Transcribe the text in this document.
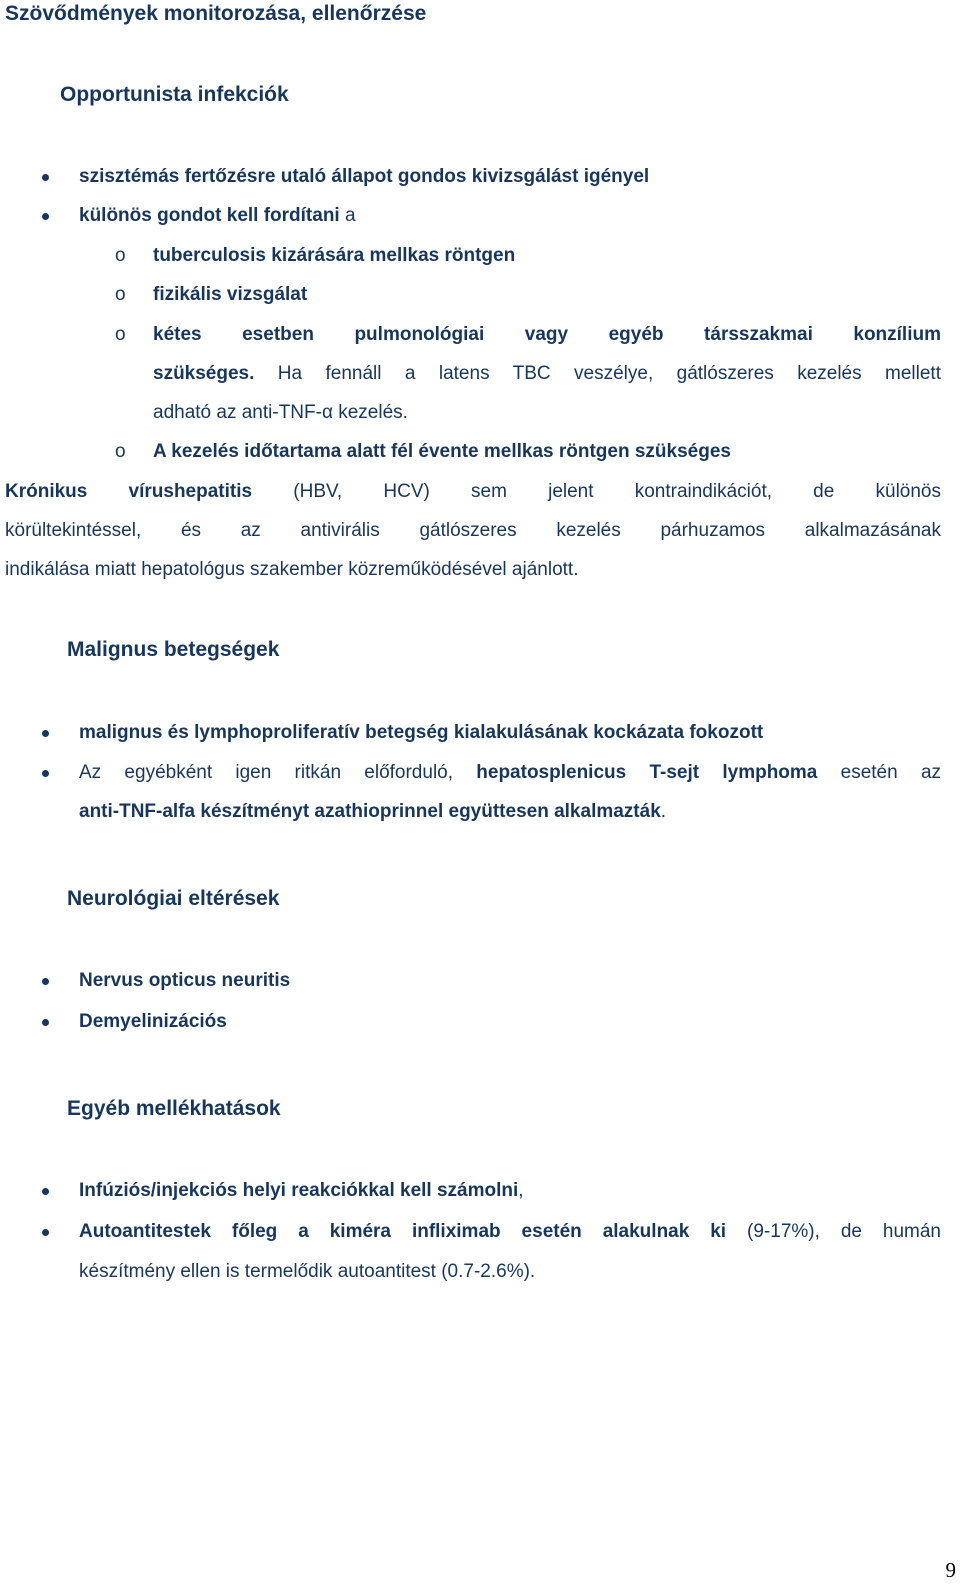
Szövődmények monitorozása, ellenőrzése
Opportunista infekciók
szisztémás fertőzésre utaló állapot gondos kivizsgálást igényel
különös gondot kell fordítani a
o tuberculosis kizárására mellkas röntgen
o fizikális vizsgálat
o kétes esetben pulmonológiai vagy egyéb társszakmai konzílium
szükséges. Ha fennáll a latens TBC veszélye, gátlószeres kezelés mellett
adható az anti-TNF-α kezelés.
o A kezelés időtartama alatt fél évente mellkas röntgen szükséges
Krónikus vírushepatitis (HBV, HCV) sem jelent kontraindikációt, de különös
körültekintéssel, és az antivirális gátlószeres kezelés párhuzamos alkalmazásának
indikálása miatt hepatológus szakember közreműködésével ajánlott.
Malignus betegségek
malignus és lymphoproliferatív betegség kialakulásának kockázata fokozott
Az egyébként igen ritkán előforduló, hepatosplenicus T-sejt lymphoma esetén az
anti-TNF-alfa készítményt azathioprinnel együttesen alkalmazták.
Neurológiai eltérések
Nervus opticus neuritis
Demyelinizációs
Egyéb mellékhatások
Infúziós/injekciós helyi reakciókkal kell számolni,
Autoantitestek főleg a kiméra infliximab esetén alakulnak ki (9-17%), de humán
készítmény ellen is termelődik autoantitest (0.7-2.6%).
9
